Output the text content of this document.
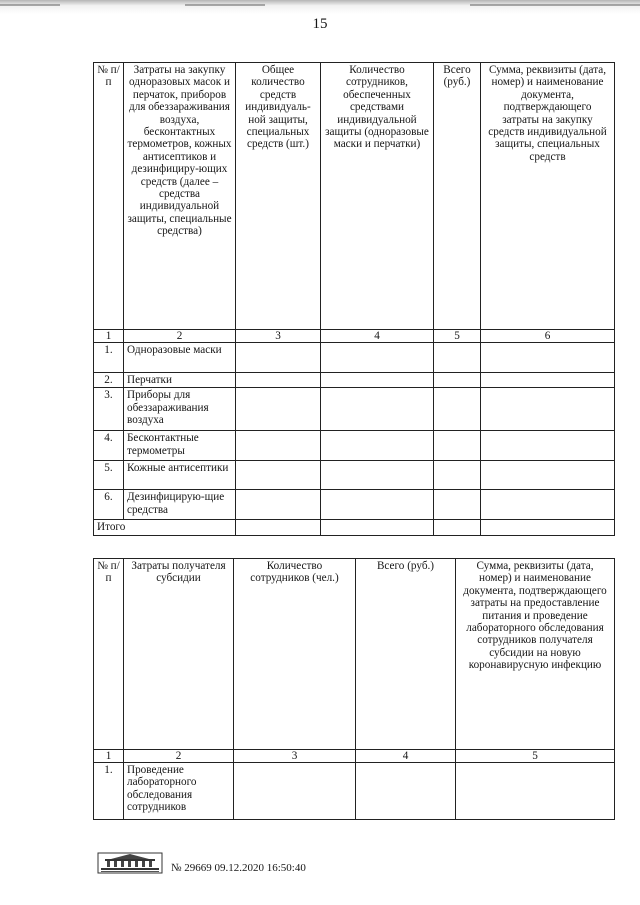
15
№ п/п	Затраты на закупку одноразовых масок и перчаток, приборов для обеззараживания воздуха, бесконтактных термометров, кожных антисептиков и дезинфициру-ющих средств (далее – средства индивидуальной защиты, специальные средства)	Общее количество средств индивидуаль-ной защиты, специальных средств (шт.)	Количество сотрудников, обеспеченных средствами индивидуальной защиты (одноразовые маски и перчатки)	Всего (руб.)	Сумма, реквизиты (дата, номер) и наименование документа, подтверждающего затраты на закупку средств индивидуальной защиты, специальных средств
1	2	3	4	5	6
1.	Одноразовые маски				
2.	Перчатки				
3.	Приборы для обеззараживания воздуха				
4.	Бесконтактные термометры				
5.	Кожные антисептики				
6.	Дезинфицирую-щие средства				
Итого					
№ п/п	Затраты получателя субсидии	Количество сотрудников (чел.)	Всего (руб.)	Сумма, реквизиты (дата, номер) и наименование документа, подтверждающего затраты на предоставление питания и проведение лабораторного обследования сотрудников получателя субсидии на новую коронавирусную инфекцию
1	2	3	4	5
1.	Проведение лабораторного обследования сотрудников			
№ 29669 09.12.2020 16:50:40
